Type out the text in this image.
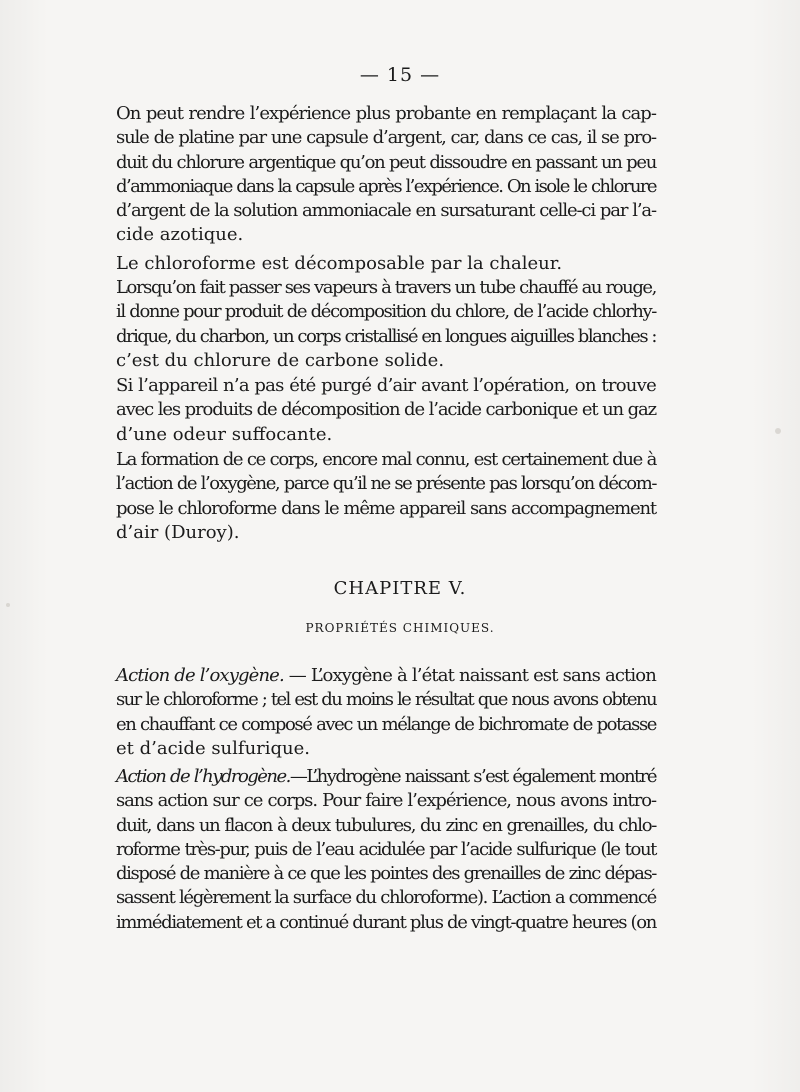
— 15 —
On peut rendre l’expérience plus probante en remplaçant la cap-
sule de platine par une capsule d’argent, car, dans ce cas, il se pro-
duit du chlorure argentique qu’on peut dissoudre en passant un peu
d’ammoniaque dans la capsule après l’expérience. On isole le chlorure
d’argent de la solution ammoniacale en sursaturant celle-ci par l’a-
cide azotique.
Le chloroforme est décomposable par la chaleur.
Lorsqu’on fait passer ses vapeurs à travers un tube chauffé au rouge,
il donne pour produit de décomposition du chlore, de l’acide chlorhy-
drique, du charbon, un corps cristallisé en longues aiguilles blanches :
c’est du chlorure de carbone solide.
Si l’appareil n’a pas été purgé d’air avant l’opération, on trouve
avec les produits de décomposition de l’acide carbonique et un gaz
d’une odeur suffocante.
La formation de ce corps, encore mal connu, est certainement due à
l’action de l’oxygène, parce qu’il ne se présente pas lorsqu’on décom-
pose le chloroforme dans le même appareil sans accompagnement
d’air (Duroy).
CHAPITRE V.
PROPRIÉTÉS CHIMIQUES.
Action de l’oxygène. — L’oxygène à l’état naissant est sans action
sur le chloroforme ; tel est du moins le résultat que nous avons obtenu
en chauffant ce composé avec un mélange de bichromate de potasse
et d’acide sulfurique.
Action de l’hydrogène.—L’hydrogène naissant s’est également montré
sans action sur ce corps. Pour faire l’expérience, nous avons intro-
duit, dans un flacon à deux tubulures, du zinc en grenailles, du chlo-
roforme très-pur, puis de l’eau acidulée par l’acide sulfurique (le tout
disposé de manière à ce que les pointes des grenailles de zinc dépas-
sassent légèrement la surface du chloroforme). L’action a commencé
immédiatement et a continué durant plus de vingt-quatre heures (on
